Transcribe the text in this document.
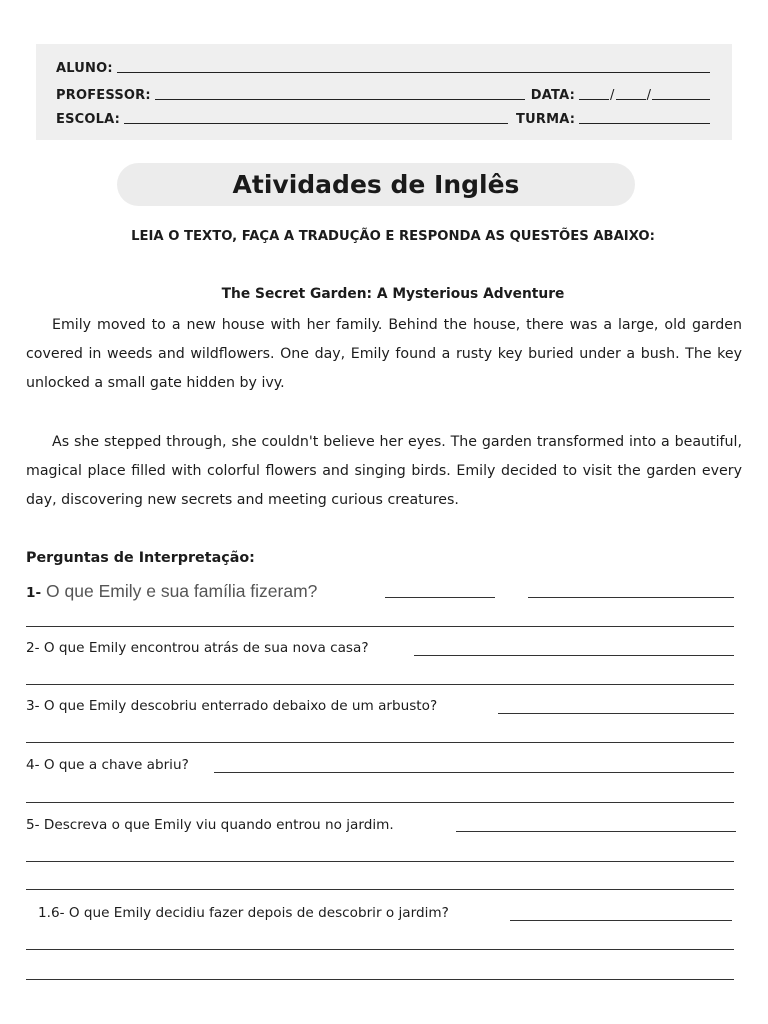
ALUNO:
PROFESSOR:	DATA:	/ /
ESCOLA:	TURMA:
Atividades de Inglês
LEIA O TEXTO, FAÇA A TRADUÇÃO E RESPONDA AS QUESTÕES ABAIXO:
The Secret Garden: A Mysterious Adventure

Emily moved to a new house with her family. Behind the house, there was a large, old garden covered in weeds and wildflowers. One day, Emily found a rusty key buried under a bush. The key unlocked a small gate hidden by ivy.

As she stepped through, she couldn't believe her eyes. The garden transformed into a beautiful, magical place filled with colorful flowers and singing birds. Emily decided to visit the garden every day, discovering new secrets and meeting curious creatures.

Perguntas de Interpretação:
1- O que Emily e sua família fizeram?
2- O que Emily encontrou atrás de sua nova casa?
3- O que Emily descobriu enterrado debaixo de um arbusto?
4- O que a chave abriu?
5- Descreva o que Emily viu quando entrou no jardim.
1.6- O que Emily decidiu fazer depois de descobrir o jardim?
